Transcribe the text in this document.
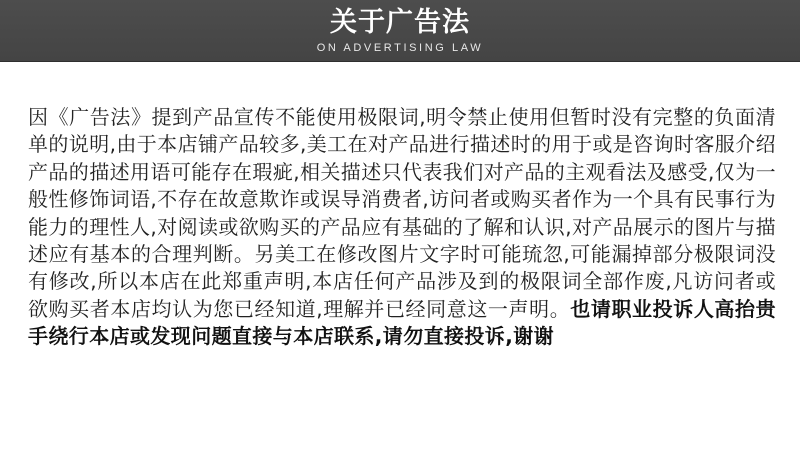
关于广告法
ON ADVERTISING LAW
因《广告法》提到产品宣传不能使用极限词,明令禁止使用但暂时没有完整的负面清单的说明,由于本店铺产品较多,美工在对产品进行描述时的用于或是咨询时客服介绍产品的描述用语可能存在瑕疵,相关描述只代表我们对产品的主观看法及感受,仅为一般性修饰词语,不存在故意欺诈或误导消费者,访问者或购买者作为一个具有民事行为能力的理性人,对阅读或欲购买的产品应有基础的了解和认识,对产品展示的图片与描述应有基本的合理判断。另美工在修改图片文字时可能琉忽,可能漏掉部分极限词没有修改,所以本店在此郑重声明,本店任何产品涉及到的极限词全部作废,凡访问者或欲购买者本店均认为您已经知道,理解并已经同意这一声明。也请职业投诉人高抬贵手绕行本店或发现问题直接与本店联系,请勿直接投诉,谢谢
